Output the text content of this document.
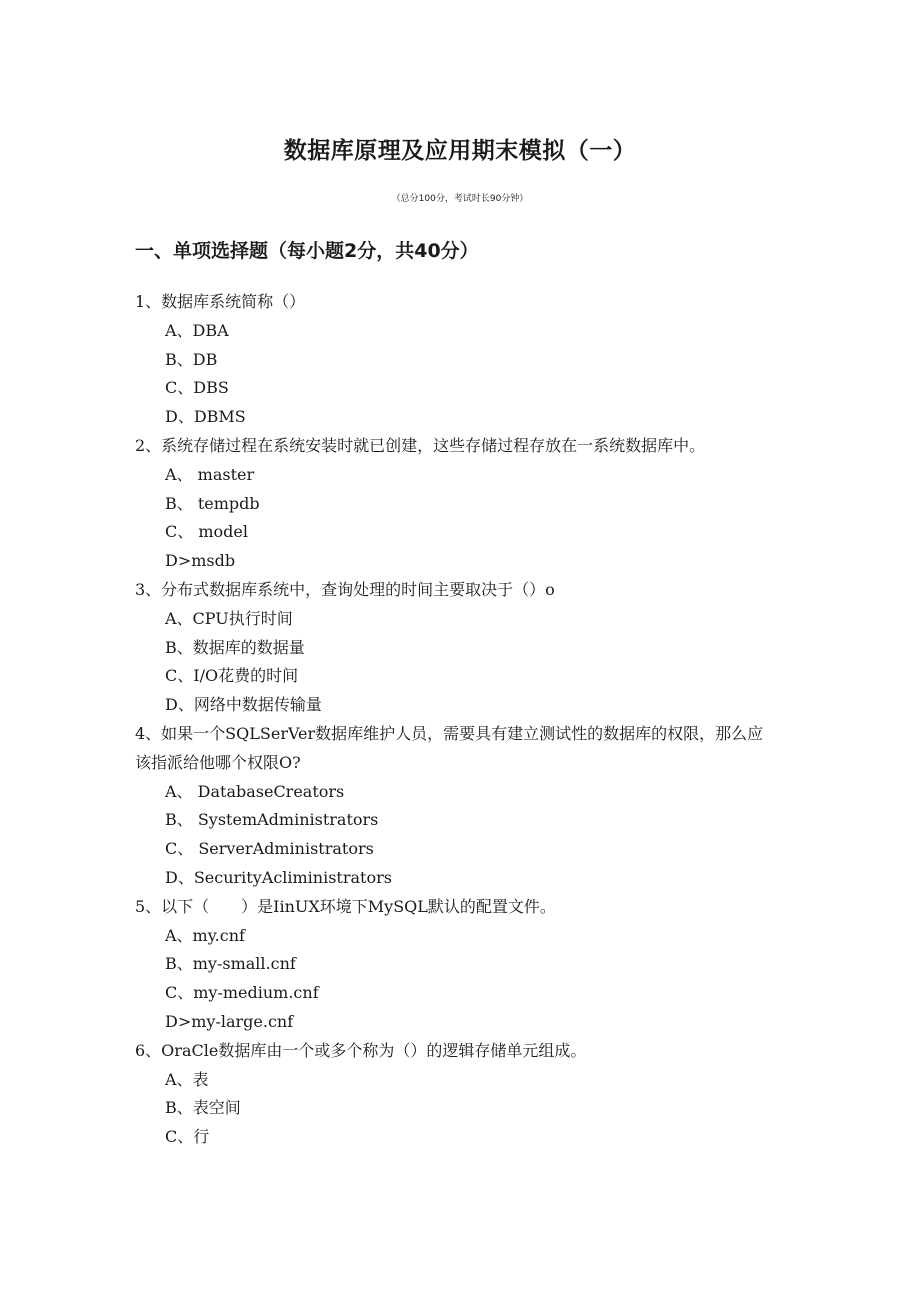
数据库原理及应用期末模拟（一）
（总分100分，考试时长90分钟）
一、单项选择题（每小题2分，共40分）

1、数据库系统简称（）

A、DBA

B、DB

C、DBS

D、DBMS

2、系统存储过程在系统安装时就已创建，这些存储过程存放在一系统数据库中。

A、 master

B、 tempdb

C、 model

D>msdb

3、分布式数据库系统中，查询处理的时间主要取决于（）o

A、CPU执行时间

B、数据库的数据量

C、I/O花费的时间

D、网络中数据传输量

4、如果一个SQLSerVer数据库维护人员，需要具有建立测试性的数据库的权限，那么应该指派给他哪个权限O?

A、 DatabaseCreators

B、 SystemAdministrators

C、 ServerAdministrators

D、SecurityAcliministrators

5、以下（　　）是IinUX环境下MySQL默认的配置文件。

A、my.cnf

B、my-small.cnf

C、my-medium.cnf

D>my-large.cnf

6、OraCle数据库由一个或多个称为（）的逻辑存储单元组成。

A、表

B、表空间

C、行
